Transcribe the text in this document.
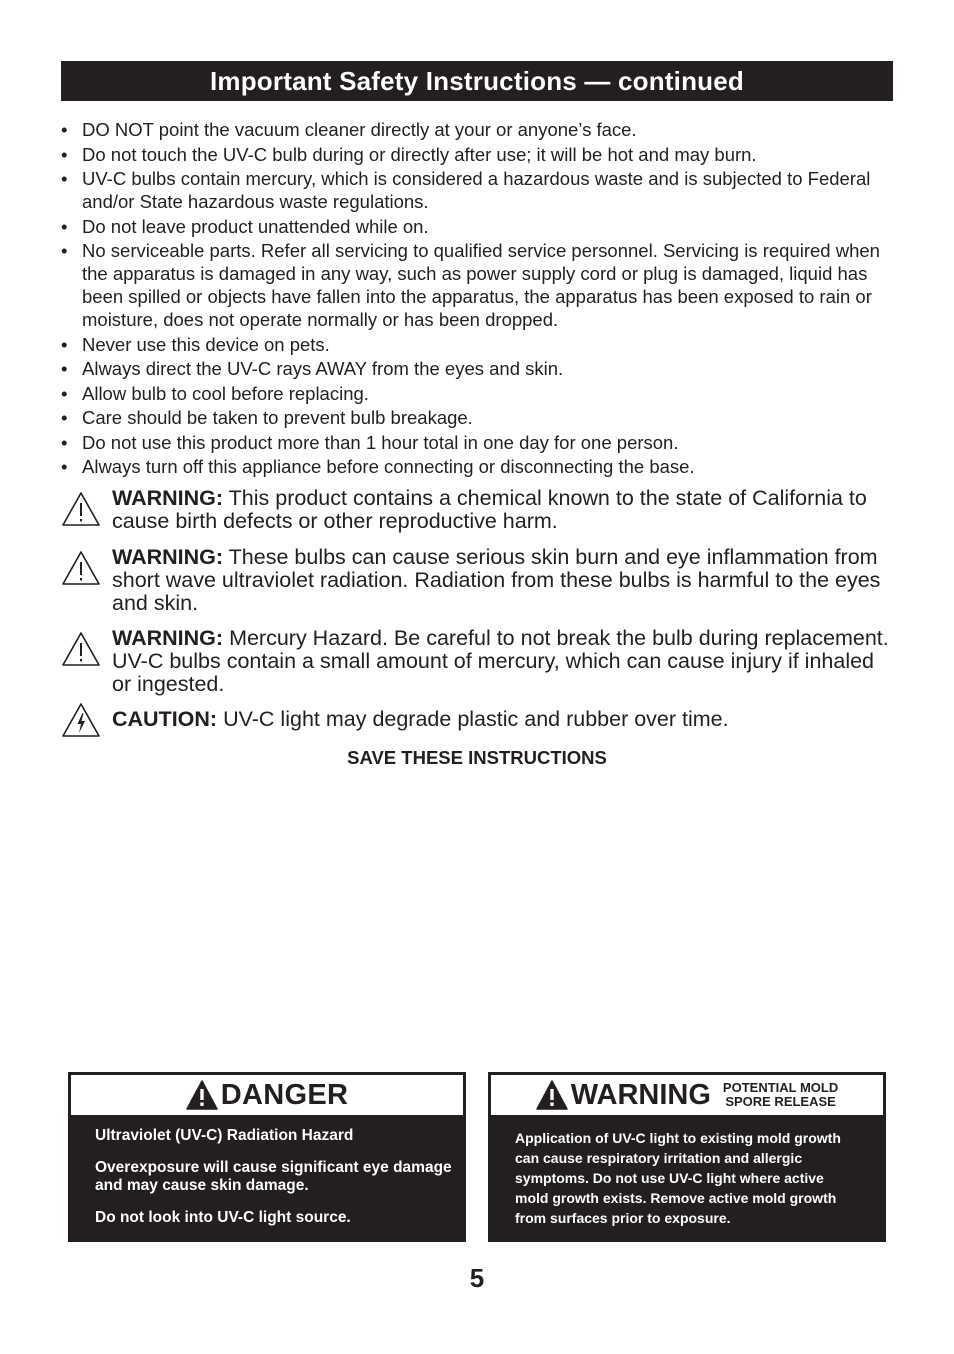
Important Safety Instructions — continued
• DO NOT point the vacuum cleaner directly at your or anyone’s face.
• Do not touch the UV-C bulb during or directly after use; it will be hot and may burn.
• UV-C bulbs contain mercury, which is considered a hazardous waste and is subjected to Federal and/or State hazardous waste regulations.
• Do not leave product unattended while on.
• No serviceable parts. Refer all servicing to qualified service personnel. Servicing is required when the apparatus is damaged in any way, such as power supply cord or plug is damaged, liquid has been spilled or objects have fallen into the apparatus, the apparatus has been exposed to rain or moisture, does not operate normally or has been dropped.
• Never use this device on pets.
• Always direct the UV-C rays AWAY from the eyes and skin.
• Allow bulb to cool before replacing.
• Care should be taken to prevent bulb breakage.
• Do not use this product more than 1 hour total in one day for one person.
• Always turn off this appliance before connecting or disconnecting the base.
WARNING: This product contains a chemical known to the state of California to cause birth defects or other reproductive harm.
WARNING: These bulbs can cause serious skin burn and eye inflammation from short wave ultraviolet radiation. Radiation from these bulbs is harmful to the eyes and skin.
WARNING: Mercury Hazard. Be careful to not break the bulb during replacement. UV-C bulbs contain a small amount of mercury, which can cause injury if inhaled or ingested.
CAUTION: UV-C light may degrade plastic and rubber over time.
SAVE THESE INSTRUCTIONS
DANGER

Ultraviolet (UV-C) Radiation Hazard

Overexposure will cause significant eye damage and may cause skin damage.

Do not look into UV-C light source.

WARNING POTENTIAL MOLD
SPORE RELEASE
Application of UV-C light to existing mold growth can cause respiratory irritation and allergic symptoms. Do not use UV-C light where active mold growth exists. Remove active mold growth from surfaces prior to exposure.
5
